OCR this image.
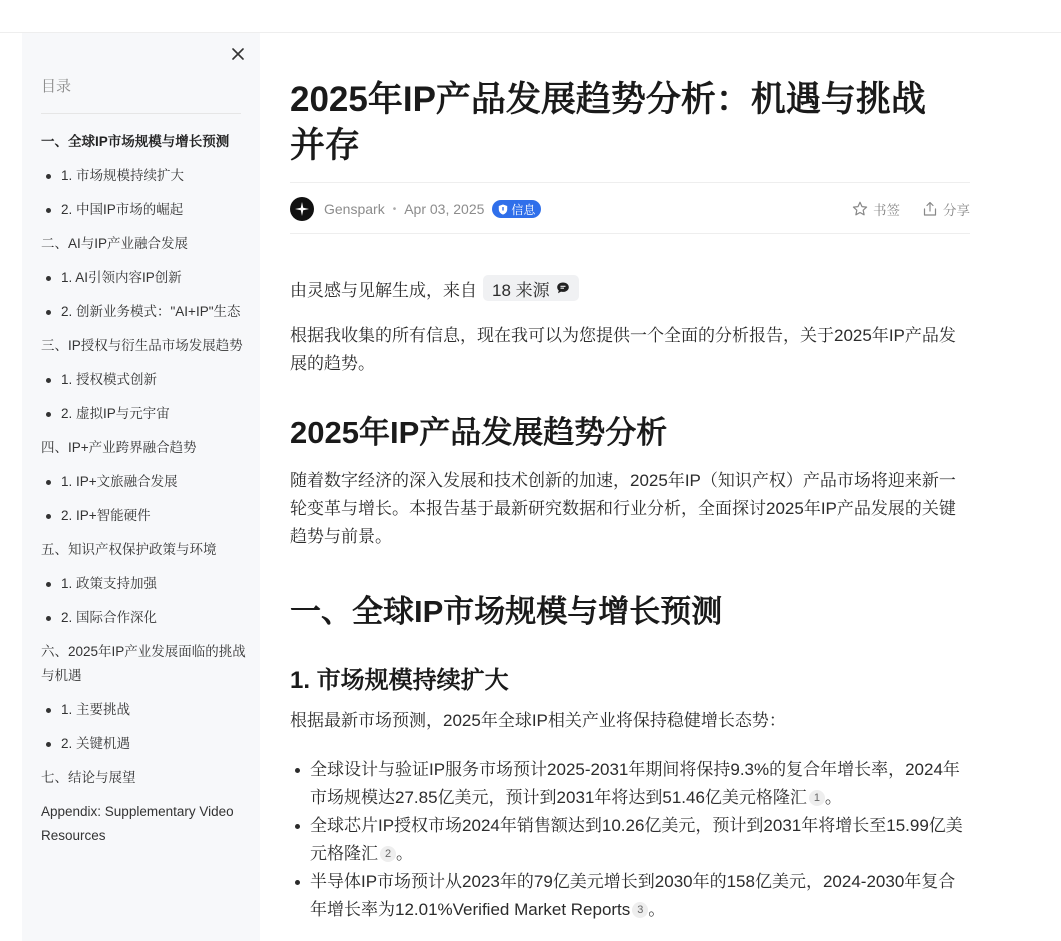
目录
一、全球IP市场规模与增长预测
1. 市场规模持续扩大
2. 中国IP市场的崛起
二、AI与IP产业融合发展
1. AI引领内容IP创新
2. 创新业务模式："AI+IP"生态
三、IP授权与衍生品市场发展趋势
1. 授权模式创新
2. 虚拟IP与元宇宙
四、IP+产业跨界融合趋势
1. IP+文旅融合发展
2. IP+智能硬件
五、知识产权保护政策与环境
1. 政策支持加强
2. 国际合作深化
六、2025年IP产业发展面临的挑战与机遇
1. 主要挑战
2. 关键机遇
七、结论与展望
Appendix: Supplementary Video Resources
2025年IP产品发展趋势分析：机遇与挑战并存
Genspark • Apr 03, 2025 信息	书签	分享
由灵感与见解生成，来自 18 来源

根据我收集的所有信息，现在我可以为您提供一个全面的分析报告，关于2025年IP产品发展的趋势。

2025年IP产品发展趋势分析

随着数字经济的深入发展和技术创新的加速，2025年IP（知识产权）产品市场将迎来新一轮变革与增长。本报告基于最新研究数据和行业分析，全面探讨2025年IP产品发展的关键趋势与前景。

一、全球IP市场规模与增长预测
1. 市场规模持续扩大

根据最新市场预测，2025年全球IP相关产业将保持稳健增长态势：

全球设计与验证IP服务市场预计2025-2031年期间将保持9.3%的复合年增长率，2024年市场规模达27.85亿美元，预计到2031年将达到51.46亿美元格隆汇 1 。
全球芯片IP授权市场2024年销售额达到10.26亿美元，预计到2031年将增长至15.99亿美元格隆汇 2 。
半导体IP市场预计从2023年的79亿美元增长到2030年的158亿美元，2024-2030年复合年增长率为12.01%Verified Market Reports 3 。
